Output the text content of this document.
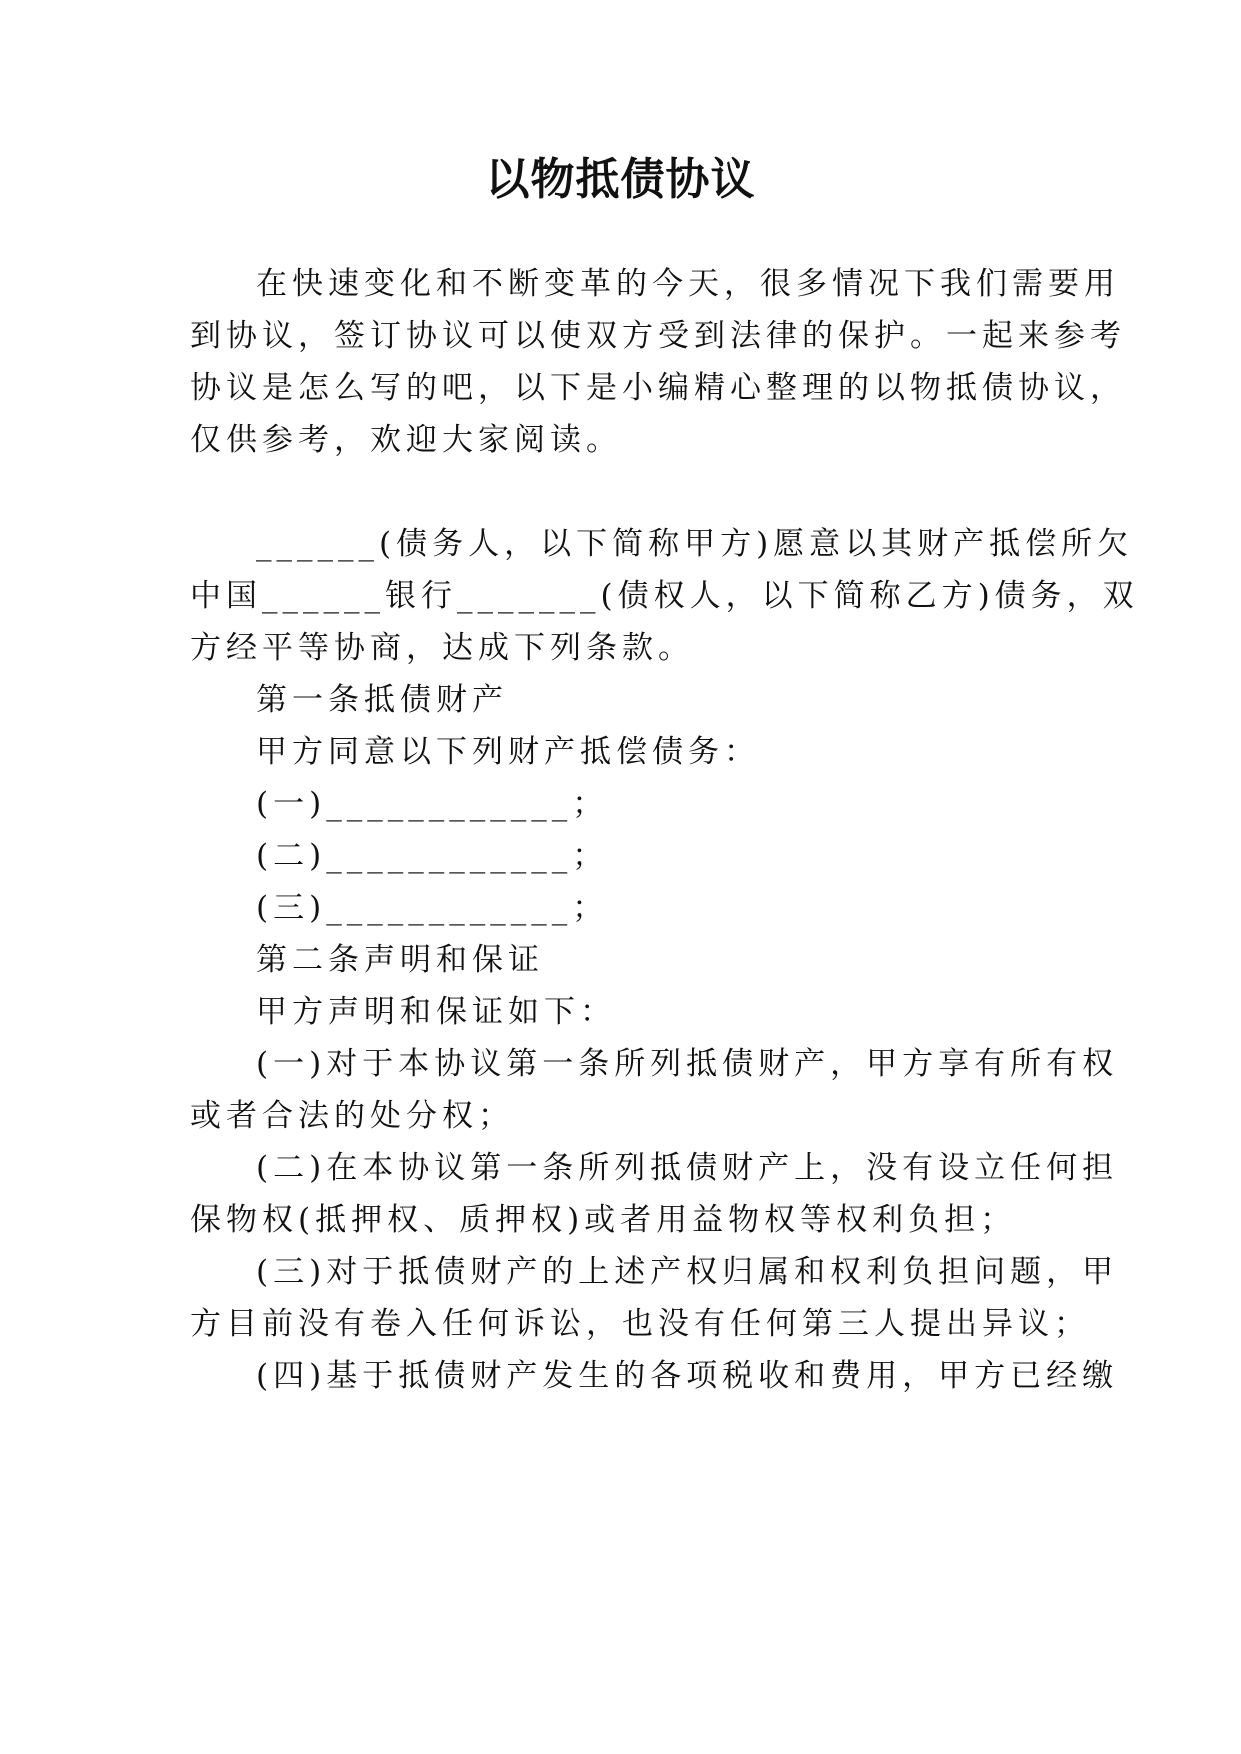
以物抵债协议

在快速变化和不断变革的今天，很多情况下我们需要用

到协议，签订协议可以使双方受到法律的保护。一起来参考

协议是怎么写的吧，以下是小编精心整理的以物抵债协议，

仅供参考，欢迎大家阅读。

______(债务人，以下简称甲方)愿意以其财产抵偿所欠

中国______银行_______(债权人，以下简称乙方)债务，双

方经平等协商，达成下列条款。

第一条抵债财产

甲方同意以下列财产抵偿债务：

(一)____________；

(二)____________；

(三)____________；

第二条声明和保证

甲方声明和保证如下：

(一)对于本协议第一条所列抵债财产，甲方享有所有权

或者合法的处分权；

(二)在本协议第一条所列抵债财产上，没有设立任何担

保物权(抵押权、质押权)或者用益物权等权利负担；

(三)对于抵债财产的上述产权归属和权利负担问题，甲

方目前没有卷入任何诉讼，也没有任何第三人提出异议；

(四)基于抵债财产发生的各项税收和费用，甲方已经缴
